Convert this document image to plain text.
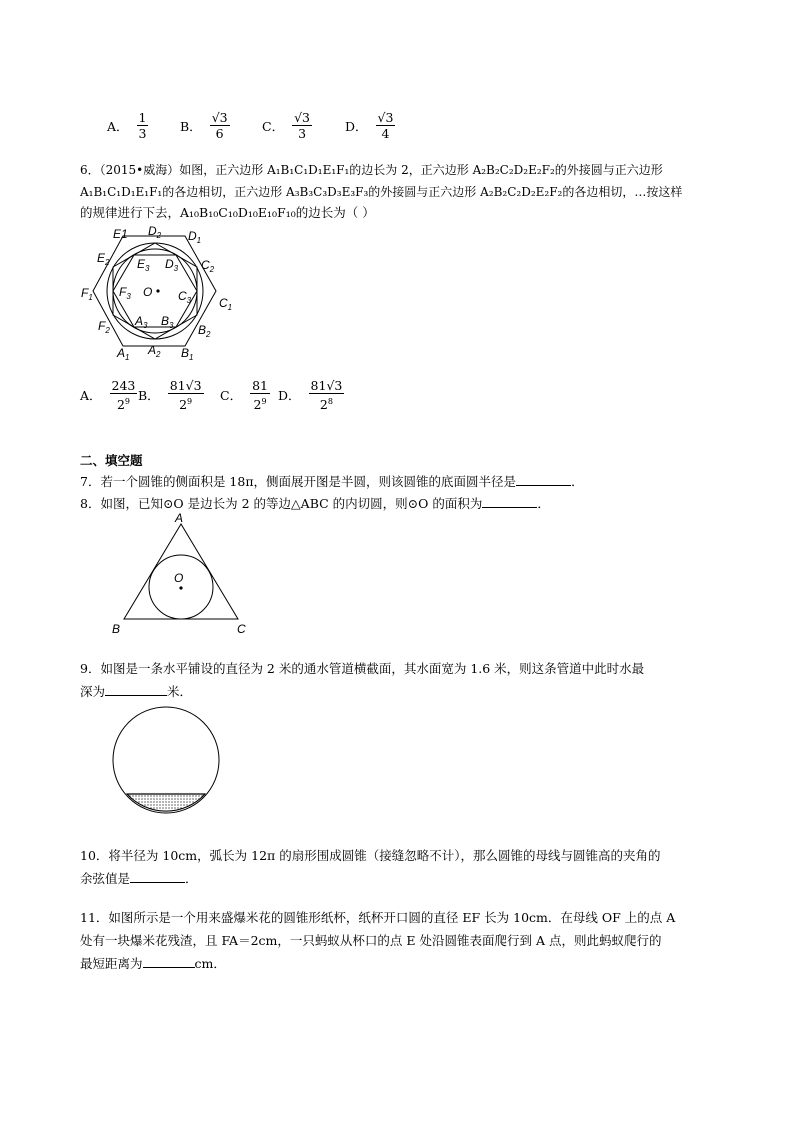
A． $\frac{1}{3}$	B． $\frac{√3}{6}$	C． $\frac{√3}{3}$	D． $\frac{√3}{4}$
6．（2015•威海）如图，正六边形 A₁B₁C₁D₁E₁F₁的边长为 2，正六边形 A₂B₂C₂D₂E₂F₂的外接圆与正六边形
A₁B₁C₁D₁E₁F₁的各边相切，正六边形 A₃B₃C₃D₃E₃F₃的外接圆与正六边形 A₂B₂C₂D₂E₂F₂的各边相切，…按这样
的规律进行下去，A₁₀B₁₀C₁₀D₁₀E₁₀F₁₀的边长为（ ）
E1 $D_2$ $D_1$
$E_2$ $E_3$ $D_3$ $C_2$
$F_1$ $F_3$ O $C_3$ $C_1$
$F_2$
$A_3$ $B_3$ $B_2$
$A_1$
$A_2$ $B_1$
A． $\frac{243}{2^9}$ B． $\frac{81√3}{2^9}$ C． $\frac{81}{2^9}$ D． $\frac{81√3}{2^8}$
二、填空题
7．若一个圆锥的侧面积是 18π，侧面展开图是半圆，则该圆锥的底面圆半径是	．
8．如图，已知⊙O 是边长为 2 的等边△ABC 的内切圆，则⊙O 的面积为	．
A
O
B	C
9．如图是一条水平铺设的直径为 2 米的通水管道横截面，其水面宽为 1.6 米，则这条管道中此时水最
深为	米．
10．将半径为 10cm，弧长为 12π 的扇形围成圆锥（接缝忽略不计），那么圆锥的母线与圆锥高的夹角的
余弦值是	．
11．如图所示是一个用来盛爆米花的圆锥形纸杯，纸杯开口圆的直径 EF 长为 10cm．在母线 OF 上的点 A
处有一块爆米花残渣，且 FA＝2cm，一只蚂蚁从杯口的点 E 处沿圆锥表面爬行到 A 点，则此蚂蚁爬行的
最短距离为	cm．
